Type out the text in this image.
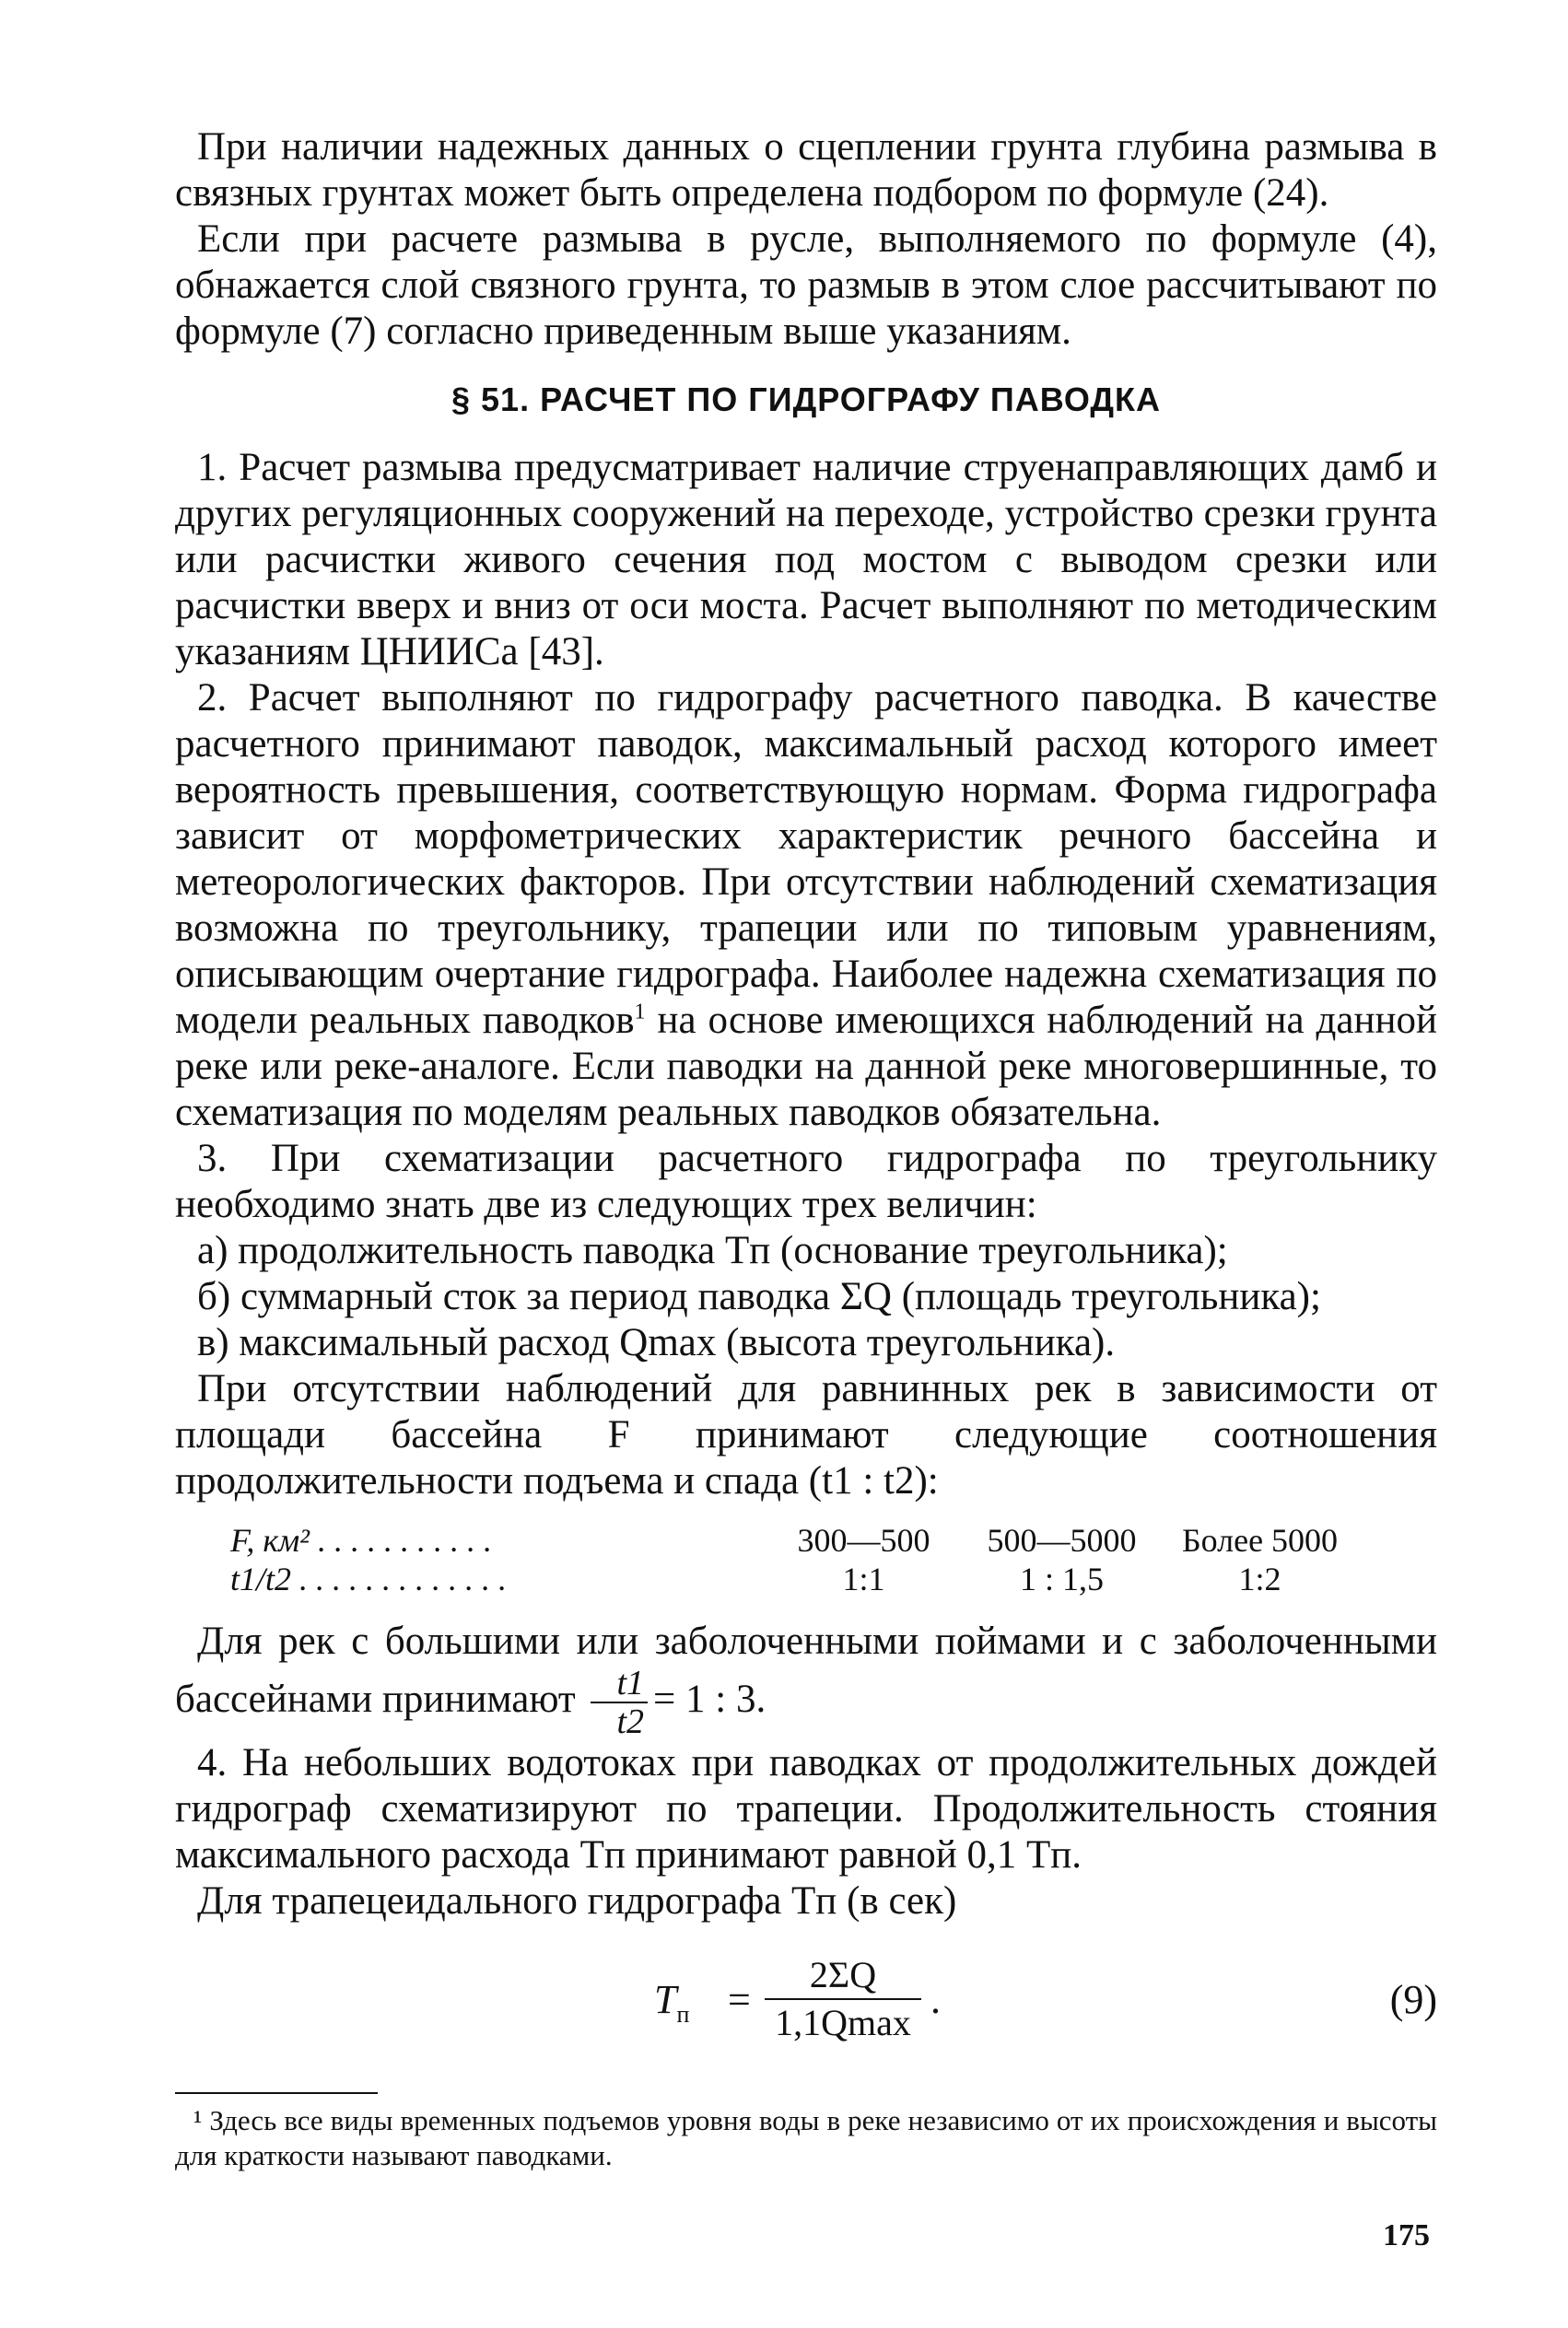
При наличии надежных данных о сцеплении грунта глубина размыва в связных грунтах может быть определена подбором по формуле (24).

Если при расчете размыва в русле, выполняемого по формуле (4), обнажается слой связного грунта, то размыв в этом слое рассчитывают по формуле (7) согласно приведенным выше указаниям.

§ 51. РАСЧЕТ ПО ГИДРОГРАФУ ПАВОДКА

1. Расчет размыва предусматривает наличие струенаправляющих дамб и других регуляционных сооружений на переходе, устройство срезки грунта или расчистки живого сечения под мостом с выводом срезки или расчистки вверх и вниз от оси моста. Расчет выполняют по методическим указаниям ЦНИИСа [43].

2. Расчет выполняют по гидрографу расчетного паводка. В качестве расчетного принимают паводок, максимальный расход которого имеет вероятность превышения, соответствующую нормам. Форма гидрографа зависит от морфометрических характеристик речного бассейна и метеорологических факторов. При отсутствии наблюдений схематизация возможна по треугольнику, трапеции или по типовым уравнениям, описывающим очертание гидрографа. Наиболее надежна схематизация по модели реальных паводков$^1$ на основе имеющихся наблюдений на данной реке или реке-аналоге. Если паводки на данной реке многовершинные, то схематизация по моделям реальных паводков обязательна.

3. При схематизации расчетного гидрографа по треугольнику необходимо знать две из следующих трех величин:

а) продолжительность паводка Tп (основание треугольника);

б) суммарный сток за период паводка ΣQ (площадь треугольника);

в) максимальный расход Qmax (высота треугольника).

При отсутствии наблюдений для равнинных рек в зависимости от площади бассейна F принимают следующие соотношения продолжительности подъема и спада (t1 : t2):

F, км² . . . . . . . . . . .	300—500	500—5000	Более 5000
t1/t2 . . . . . . . . . . . . .	1:1	1 : 1,5	1:2

Для рек с большими или заболоченными поймами и с заболоченными бассейнами принимают $\frac{t1}{t2} = 1$ : 3.

4. На небольших водотоках при паводках от продолжительных дождей гидрограф схематизируют по трапеции. Продолжительность стояния максимального расхода Tп принимают равной 0,1 Tп.

Для трапецеидального гидрографа Tп (в сек)

$T_п$ =
2ΣQ
1,1Qmax
.	(9)

¹ Здесь все виды временных подъемов уровня воды в реке независимо от их происхождения и высоты для краткости называют паводками.

175
